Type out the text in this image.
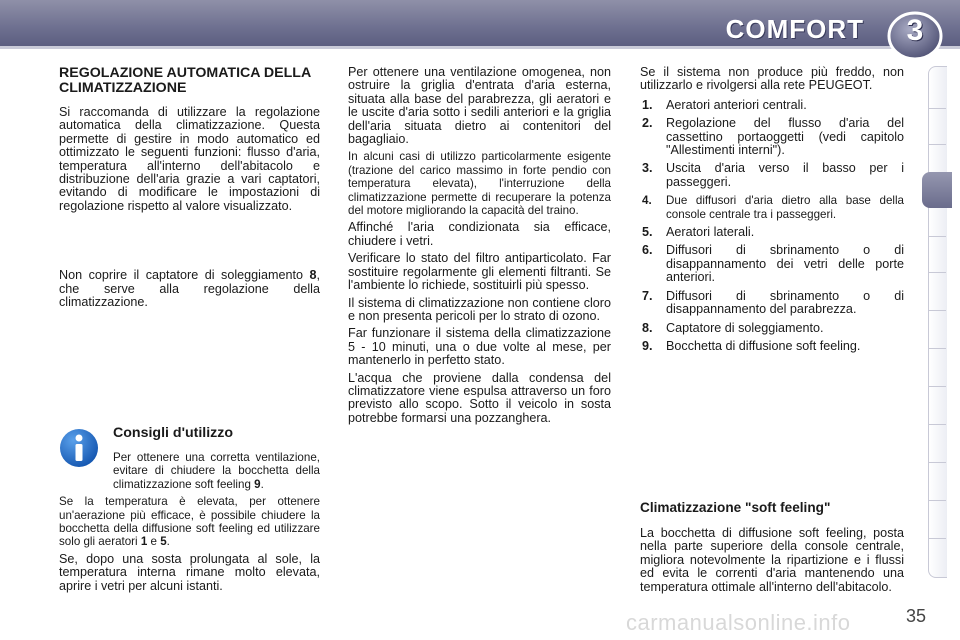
COMFORT	3
REGOLAZIONE AUTOMATICA DELLA CLIMATIZZAZIONE

Si raccomanda di utilizzare la regolazione automatica della climatizzazione. Questa permette di gestire in modo automatico ed ottimizzato le seguenti funzioni: flusso d'aria, temperatura all'interno dell'abitacolo e distribuzione dell'aria grazie a vari captatori, evitando di modificare le impostazioni di regolazione rispetto al valore visualizzato.

Non coprire il captatore di soleggiamento 8, che serve alla regolazione della climatizzazione.

Consigli d'utilizzo

Per ottenere una corretta ventilazione, evitare di chiudere la bocchetta della climatizzazione soft feeling 9.

Se la temperatura è elevata, per ottenere un'aerazione più efficace, è possibile chiudere la bocchetta della diffusione soft feeling ed utilizzare solo gli aeratori 1 e 5.

Se, dopo una sosta prolungata al sole, la temperatura interna rimane molto elevata, aprire i vetri per alcuni istanti.

Per ottenere una ventilazione omogenea, non ostruire la griglia d'entrata d'aria esterna, situata alla base del parabrezza, gli aeratori e le uscite d'aria sotto i sedili anteriori e la griglia dell'aria situata dietro ai contenitori del bagagliaio.

In alcuni casi di utilizzo particolarmente esigente (trazione del carico massimo in forte pendio con temperatura elevata), l'interruzione della climatizzazione permette di recuperare la potenza del motore migliorando la capacità del traino.

Affinché l'aria condizionata sia efficace, chiudere i vetri.

Verificare lo stato del filtro antiparticolato. Far sostituire regolarmente gli elementi filtranti. Se l'ambiente lo richiede, sostituirli più spesso.

Il sistema di climatizzazione non contiene cloro e non presenta pericoli per lo strato di ozono.

Far funzionare il sistema della climatizzazione 5 - 10 minuti, una o due volte al mese, per mantenerlo in perfetto stato.

L'acqua che proviene dalla condensa del climatizzatore viene espulsa attraverso un foro previsto allo scopo. Sotto il veicolo in sosta potrebbe formarsi una pozzanghera.

Se il sistema non produce più freddo, non utilizzarlo e rivolgersi alla rete PEUGEOT.

1. Aeratori anteriori centrali.
2. Regolazione del flusso d'aria del cassettino portaoggetti (vedi capitolo "Allestimenti interni").
3. Uscita d'aria verso il basso per i passeggeri.
4. Due diffusori d'aria dietro alla base della console centrale tra i passeggeri.
5. Aeratori laterali.
6. Diffusori di sbrinamento o di disappannamento dei vetri delle porte anteriori.
7. Diffusori di sbrinamento o di disappannamento del parabrezza.
8. Captatore di soleggiamento.
9. Bocchetta di diffusione soft feeling.
Climatizzazione "soft feeling"

La bocchetta di diffusione soft feeling, posta nella parte superiore della console centrale, migliora notevolmente la ripartizione e i flussi ed evita le correnti d'aria mantenendo una temperatura ottimale all'interno dell'abitacolo.

carmanualsonline.info	35
